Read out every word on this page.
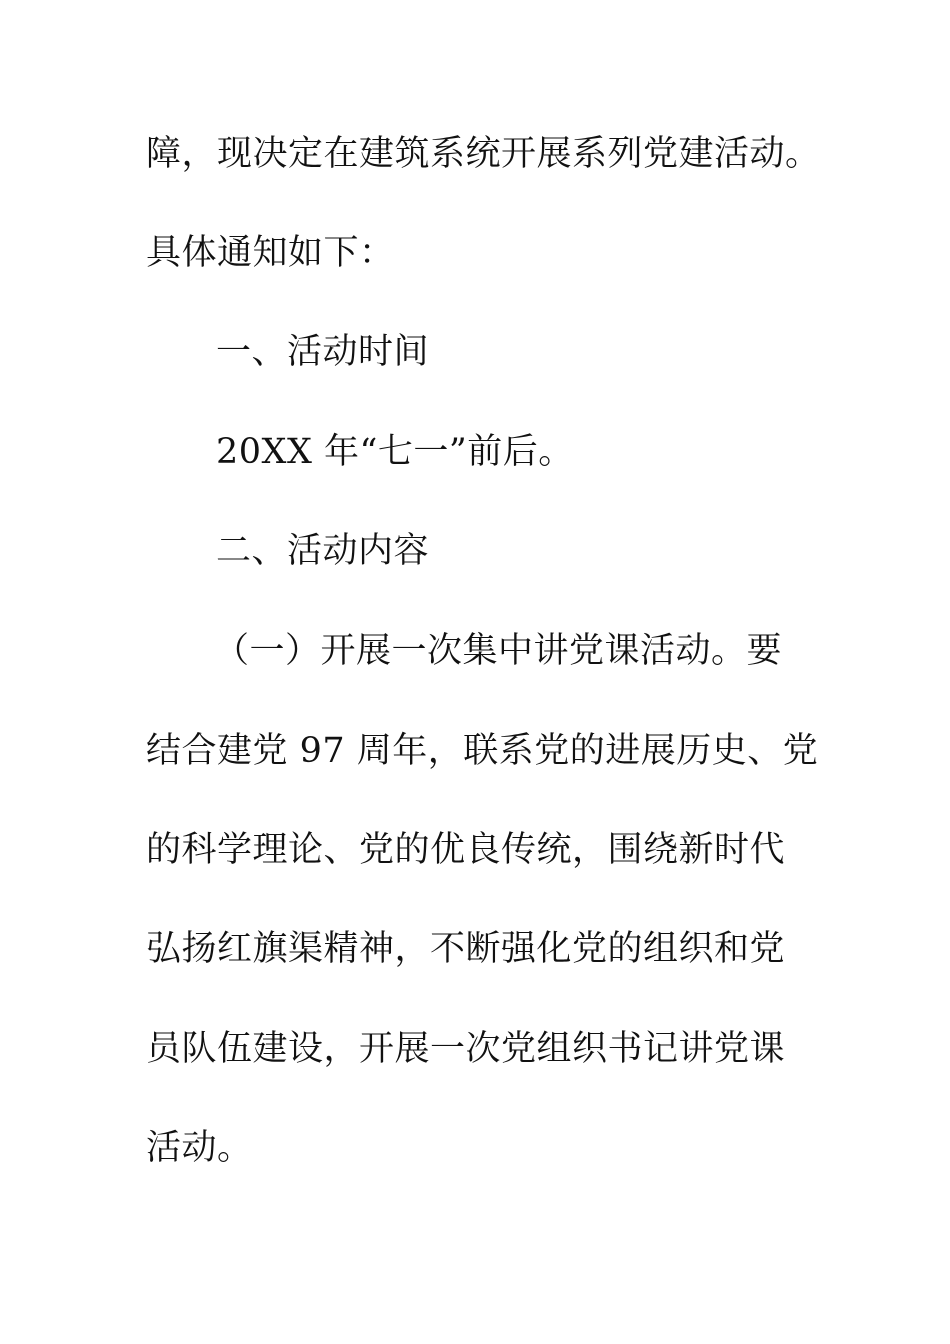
障，现决定在建筑系统开展系列党建活动。
具体通知如下：
一、活动时间
20XX 年“七一”前后。
二、活动内容
（一）开展一次集中讲党课活动。要
结合建党 97 周年，联系党的进展历史、党
的科学理论、党的优良传统，围绕新时代
弘扬红旗渠精神，不断强化党的组织和党
员队伍建设，开展一次党组织书记讲党课
活动。
